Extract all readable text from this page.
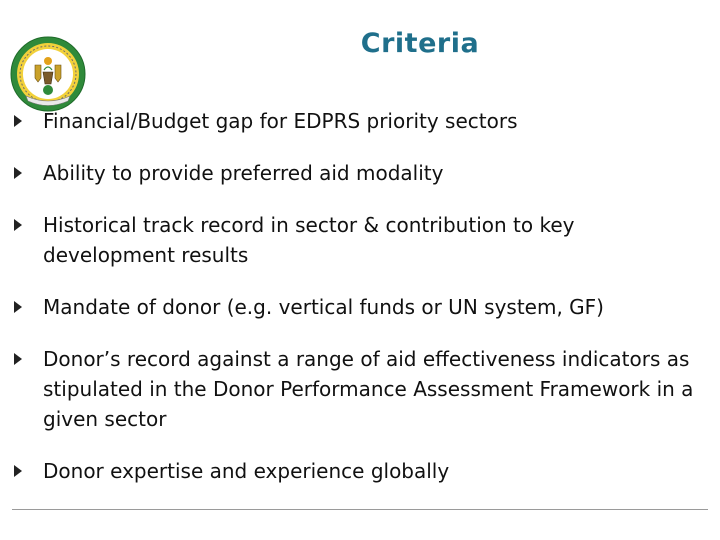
Criteria
Financial/Budget gap for EDPRS priority sectors
Ability to provide preferred aid modality
Historical track record in sector & contribution to key development results
Mandate of donor (e.g. vertical funds or UN system, GF)
Donor’s record against a range of aid effectiveness indicators as stipulated in the Donor Performance Assessment Framework in a given sector
Donor expertise and experience globally
